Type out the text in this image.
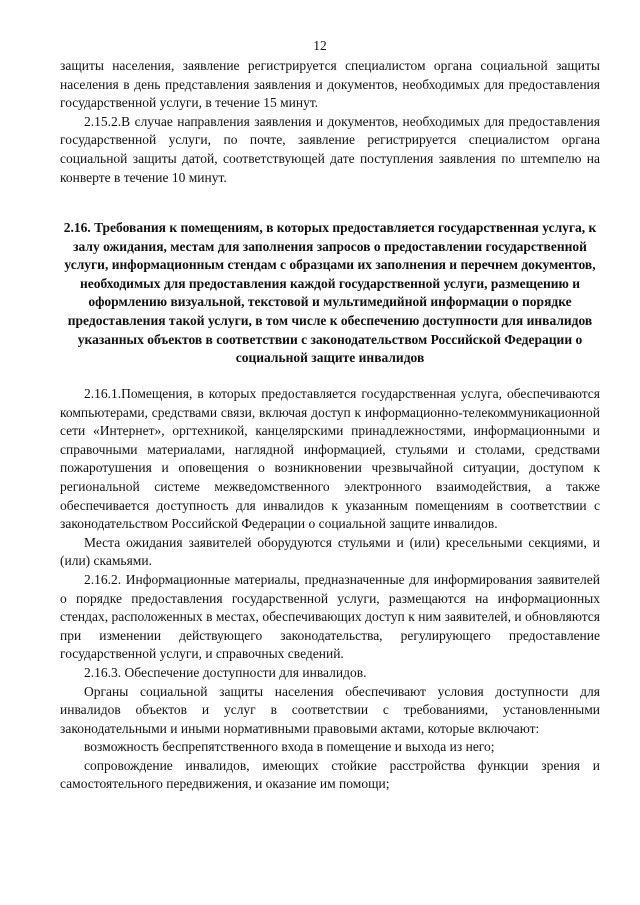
12

защиты населения, заявление регистрируется специалистом органа социальной защиты населения в день представления заявления и документов, необходимых для предоставления государственной услуги, в течение 15 минут.

2.15.2.В случае направления заявления и документов, необходимых для предоставления государственной услуги, по почте, заявление регистрируется специалистом органа социальной защиты датой, соответствующей дате поступления заявления по штемпелю на конверте в течение 10 минут.

2.16. Требования к помещениям, в которых предоставляется государственная услуга, к залу ожидания, местам для заполнения запросов о предоставлении государственной услуги, информационным стендам с образцами их заполнения и перечнем документов, необходимых для предоставления каждой государственной услуги, размещению и оформлению визуальной, текстовой и мультимедийной информации о порядке предоставления такой услуги, в том числе к обеспечению доступности для инвалидов указанных объектов в соответствии с законодательством Российской Федерации о социальной защите инвалидов

2.16.1.Помещения, в которых предоставляется государственная услуга, обеспечиваются компьютерами, средствами связи, включая доступ к информационно-телекоммуникационной сети «Интернет», оргтехникой, канцелярскими принадлежностями, информационными и справочными материалами, наглядной информацией, стульями и столами, средствами пожаротушения и оповещения о возникновении чрезвычайной ситуации, доступом к региональной системе межведомственного электронного взаимодействия, а также обеспечивается доступность для инвалидов к указанным помещениям в соответствии с законодательством Российской Федерации о социальной защите инвалидов.

Места ожидания заявителей оборудуются стульями и (или) кресельными секциями, и (или) скамьями.

2.16.2. Информационные материалы, предназначенные для информирования заявителей о порядке предоставления государственной услуги, размещаются на информационных стендах, расположенных в местах, обеспечивающих доступ к ним заявителей, и обновляются при изменении действующего законодательства, регулирующего предоставление государственной услуги, и справочных сведений.

2.16.3. Обеспечение доступности для инвалидов.

Органы социальной защиты населения обеспечивают условия доступности для инвалидов объектов и услуг в соответствии с требованиями, установленными законодательными и иными нормативными правовыми актами, которые включают:

возможность беспрепятственного входа в помещение и выхода из него;

сопровождение инвалидов, имеющих стойкие расстройства функции зрения и самостоятельного передвижения, и оказание им помощи;
